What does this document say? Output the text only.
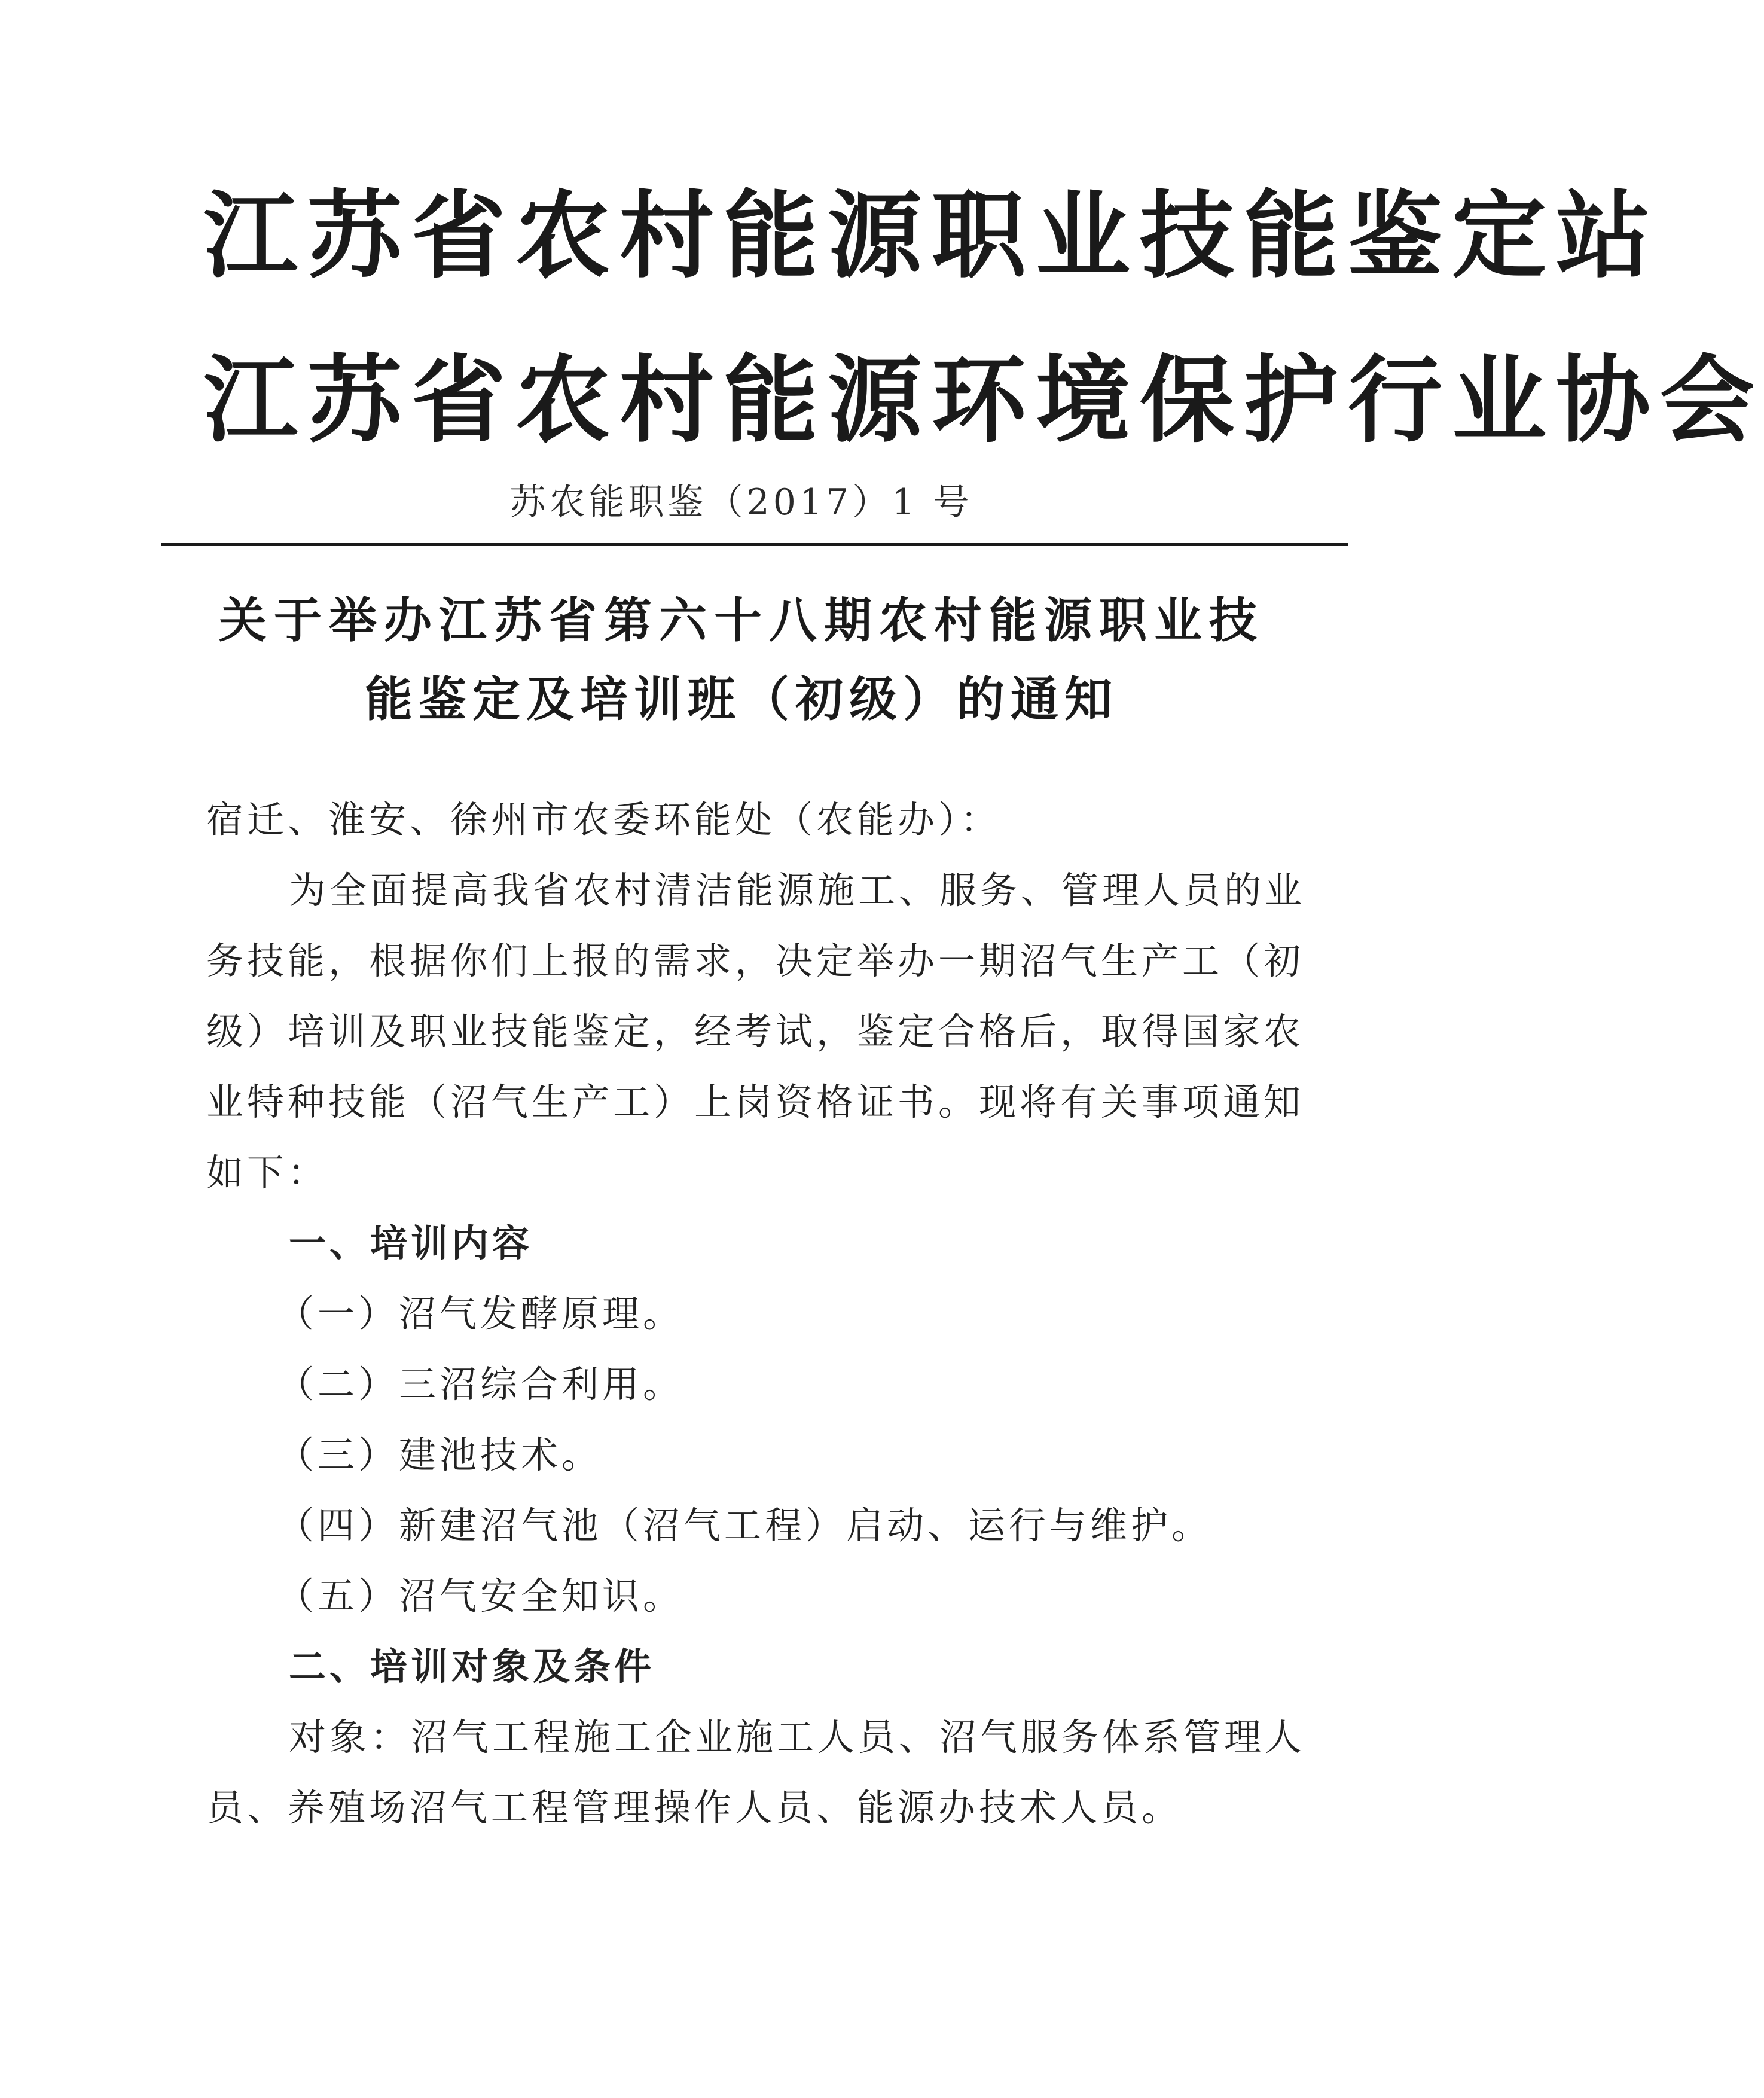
江苏省农村能源职业技能鉴定站
江苏省农村能源环境保护行业协会
苏农能职鉴（2017）1 号
关于举办江苏省第六十八期农村能源职业技
能鉴定及培训班（初级）的通知
宿迁、淮安、徐州市农委环能处（农能办）：
为全面提高我省农村清洁能源施工、服务、管理人员的业
务技能，根据你们上报的需求，决定举办一期沼气生产工（初
级）培训及职业技能鉴定，经考试，鉴定合格后，取得国家农
业特种技能（沼气生产工）上岗资格证书。现将有关事项通知
如下：
一、培训内容
（一）沼气发酵原理。
（二）三沼综合利用。
（三）建池技术。
（四）新建沼气池（沼气工程）启动、运行与维护。
（五）沼气安全知识。
二、培训对象及条件
对象：沼气工程施工企业施工人员、沼气服务体系管理人
员、养殖场沼气工程管理操作人员、能源办技术人员。
